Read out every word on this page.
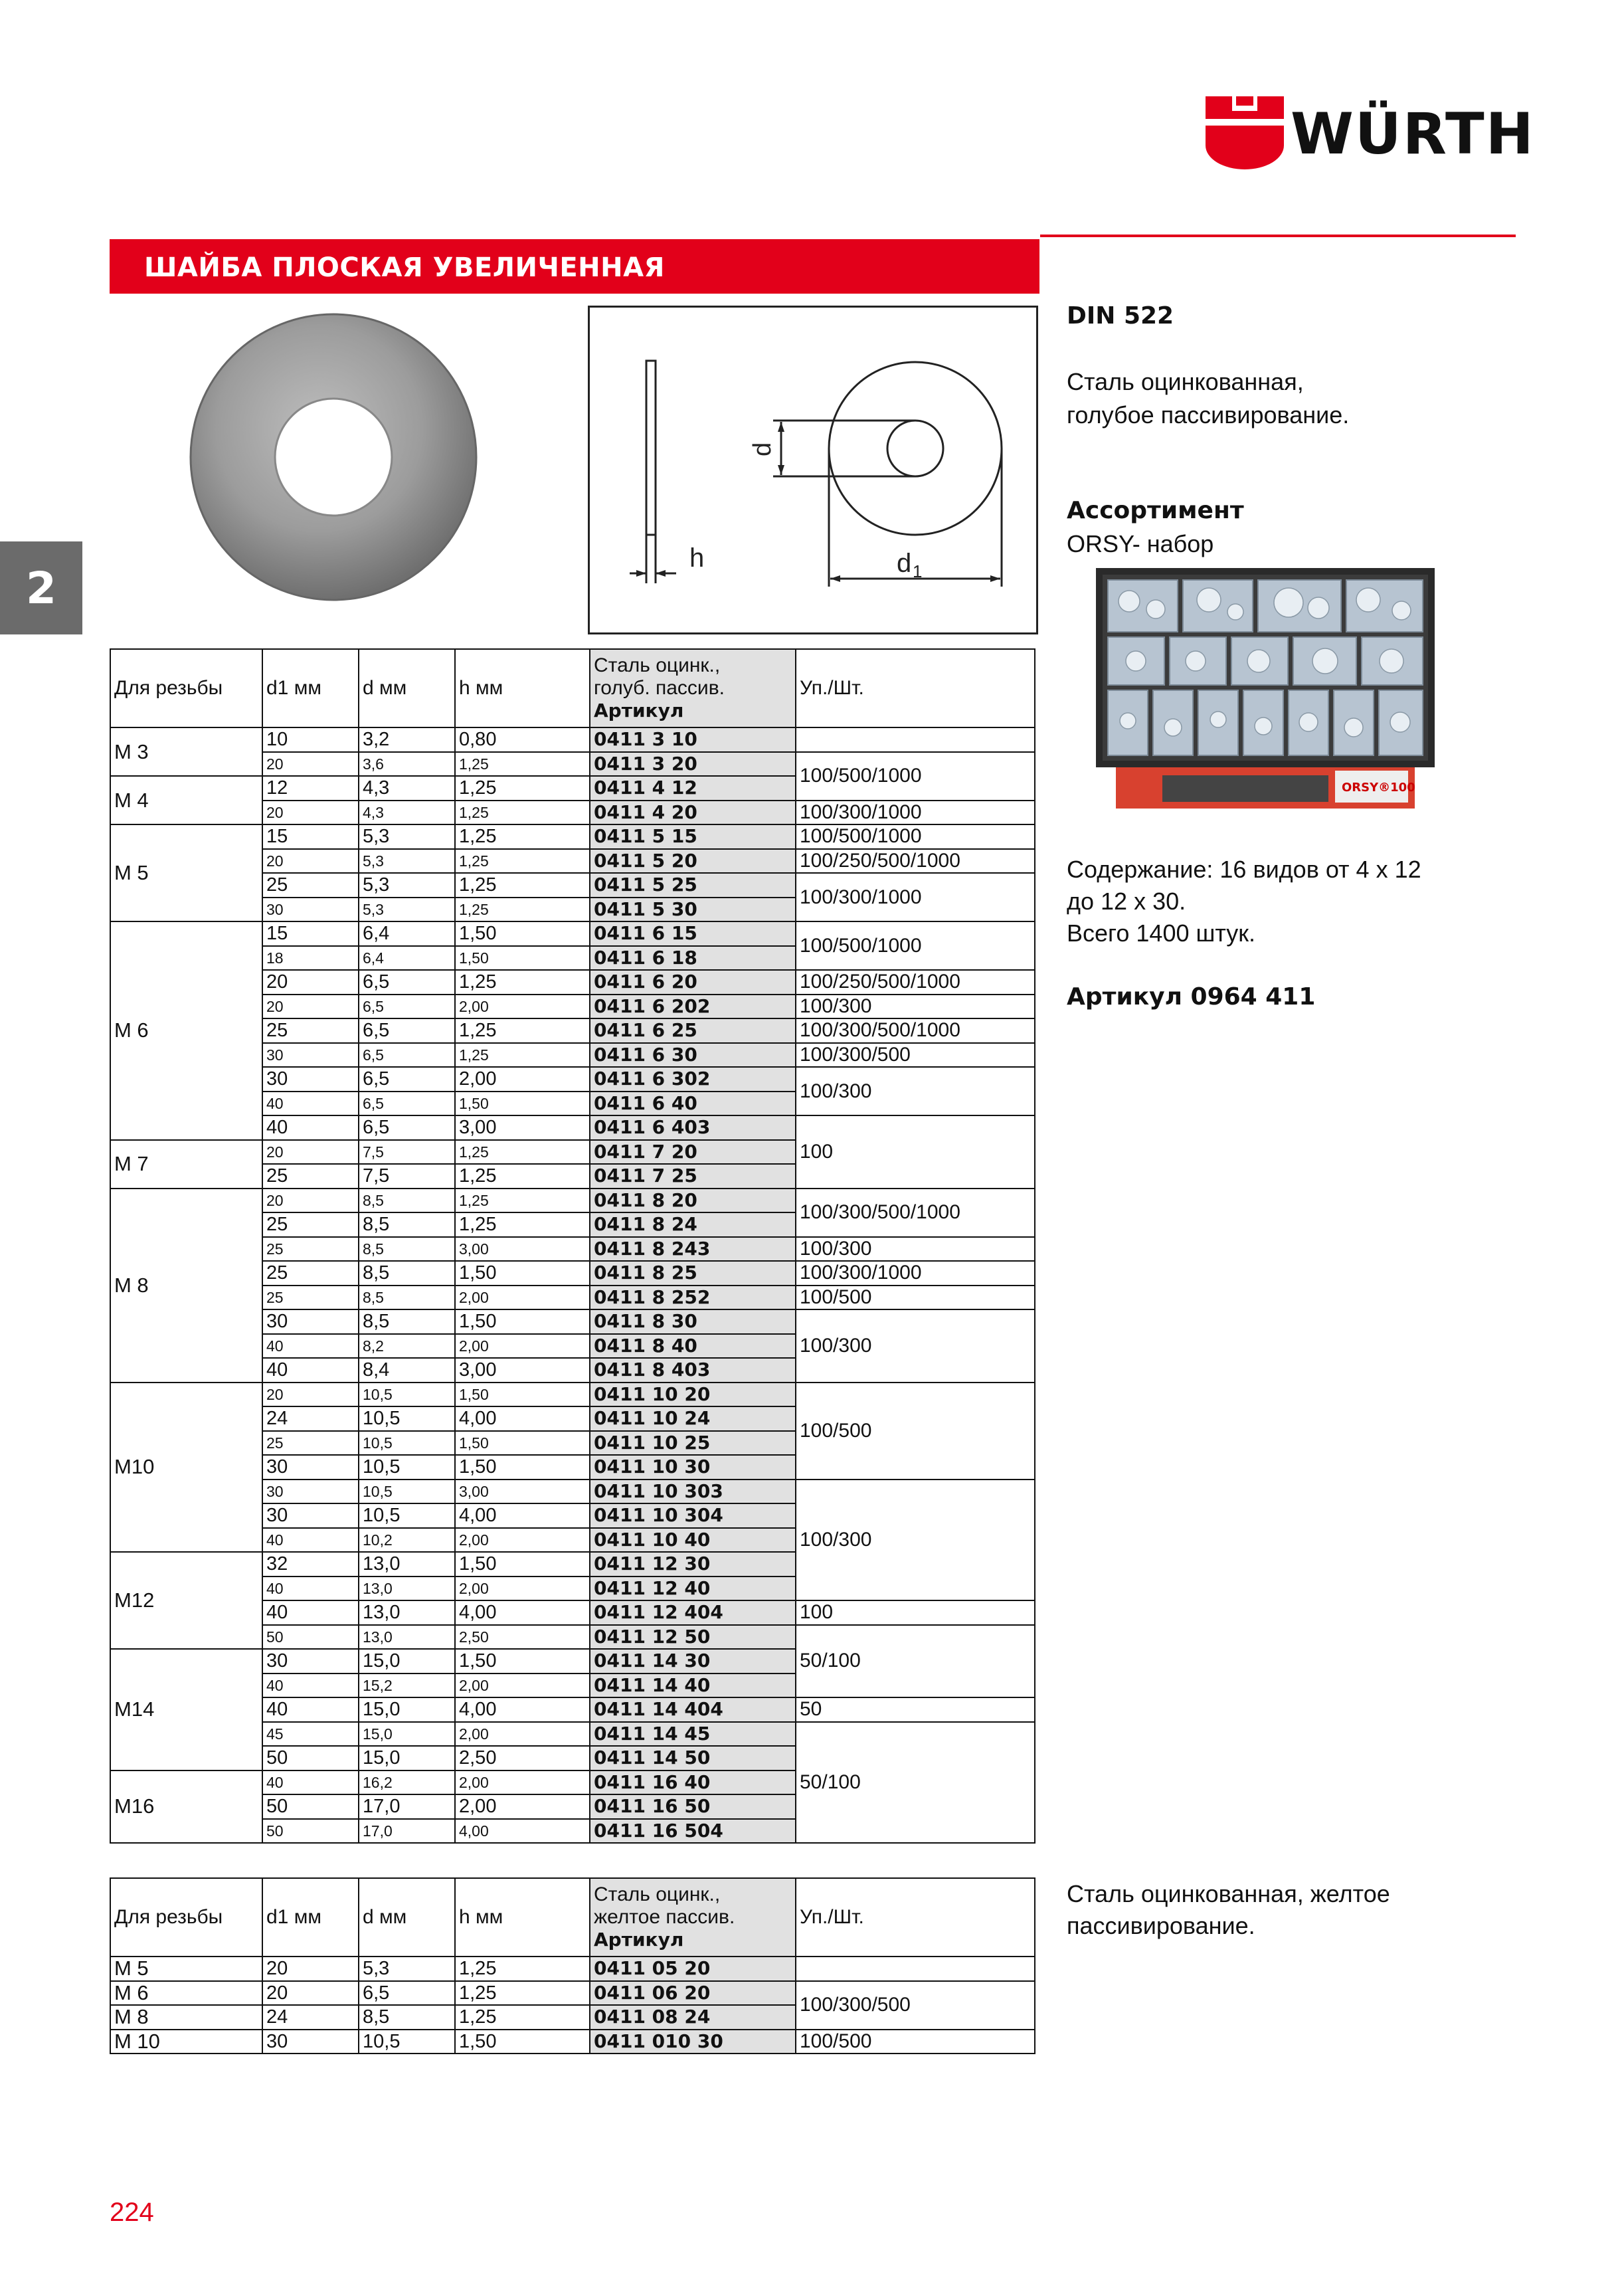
WÜRTH
ШАЙБА ПЛОСКАЯ УВЕЛИЧЕННАЯ
2
d
h	d 1
DIN 522
Сталь оцинкованная,
голубое пассивирование.
Ассортимент
ORSY- набор
ORSY®100
Содержание: 16 видов от 4 х 12
до 12 х 30.
Всего 1400 штук.
Артикул 0964 411
Сталь оцинкованная, желтое
пассивирование.
Для резьбы	d1 мм	d мм	h мм	Сталь оцинк.,
голуб. пассив.
Артикул	Уп./Шт.
M 3	10	3,2	0,80	0411 3 10	
	20	3,6	1,25	0411 3 20	100/500/1000
M 4	12	4,3	1,25	0411 4 12	
	20	4,3	1,25	0411 4 20	100/300/1000
M 5	15	5,3	1,25	0411 5 15	100/500/1000
	20	5,3	1,25	0411 5 20	100/250/500/1000
	25	5,3	1,25	0411 5 25	100/300/1000
	30	5,3	1,25	0411 5 30	
M 6	15	6,4	1,50	0411 6 15	100/500/1000
	18	6,4	1,50	0411 6 18	
	20	6,5	1,25	0411 6 20	100/250/500/1000
	20	6,5	2,00	0411 6 202	100/300
	25	6,5	1,25	0411 6 25	100/300/500/1000
	30	6,5	1,25	0411 6 30	100/300/500
	30	6,5	2,00	0411 6 302	100/300
	40	6,5	1,50	0411 6 40	
	40	6,5	3,00	0411 6 403	100
M 7	20	7,5	1,25	0411 7 20	
	25	7,5	1,25	0411 7 25	
M 8	20	8,5	1,25	0411 8 20	100/300/500/1000
	25	8,5	1,25	0411 8 24	
	25	8,5	3,00	0411 8 243	100/300
	25	8,5	1,50	0411 8 25	100/300/1000
	25	8,5	2,00	0411 8 252	100/500
	30	8,5	1,50	0411 8 30	100/300
	40	8,2	2,00	0411 8 40	
	40	8,4	3,00	0411 8 403	
M10	20	10,5	1,50	0411 10 20	100/500
	24	10,5	4,00	0411 10 24	
	25	10,5	1,50	0411 10 25	
	30	10,5	1,50	0411 10 30	
	30	10,5	3,00	0411 10 303	100/300
	30	10,5	4,00	0411 10 304	
	40	10,2	2,00	0411 10 40	
M12	32	13,0	1,50	0411 12 30	
	40	13,0	2,00	0411 12 40	
	40	13,0	4,00	0411 12 404	100
	50	13,0	2,50	0411 12 50	50/100
M14	30	15,0	1,50	0411 14 30	
	40	15,2	2,00	0411 14 40	
	40	15,0	4,00	0411 14 404	50
	45	15,0	2,00	0411 14 45	50/100
	50	15,0	2,50	0411 14 50	
M16	40	16,2	2,00	0411 16 40	
	50	17,0	2,00	0411 16 50	
	50	17,0	4,00	0411 16 504	
Для резьбы	d1 мм	d мм	h мм	Сталь оцинк.,
желтое пассив.
Артикул	Уп./Шт.
M 5	20	5,3	1,25	0411 05 20	
M 6	20	6,5	1,25	0411 06 20	100/300/500
M 8	24	8,5	1,25	0411 08 24	
M 10	30	10,5	1,50	0411 010 30	100/500
224
